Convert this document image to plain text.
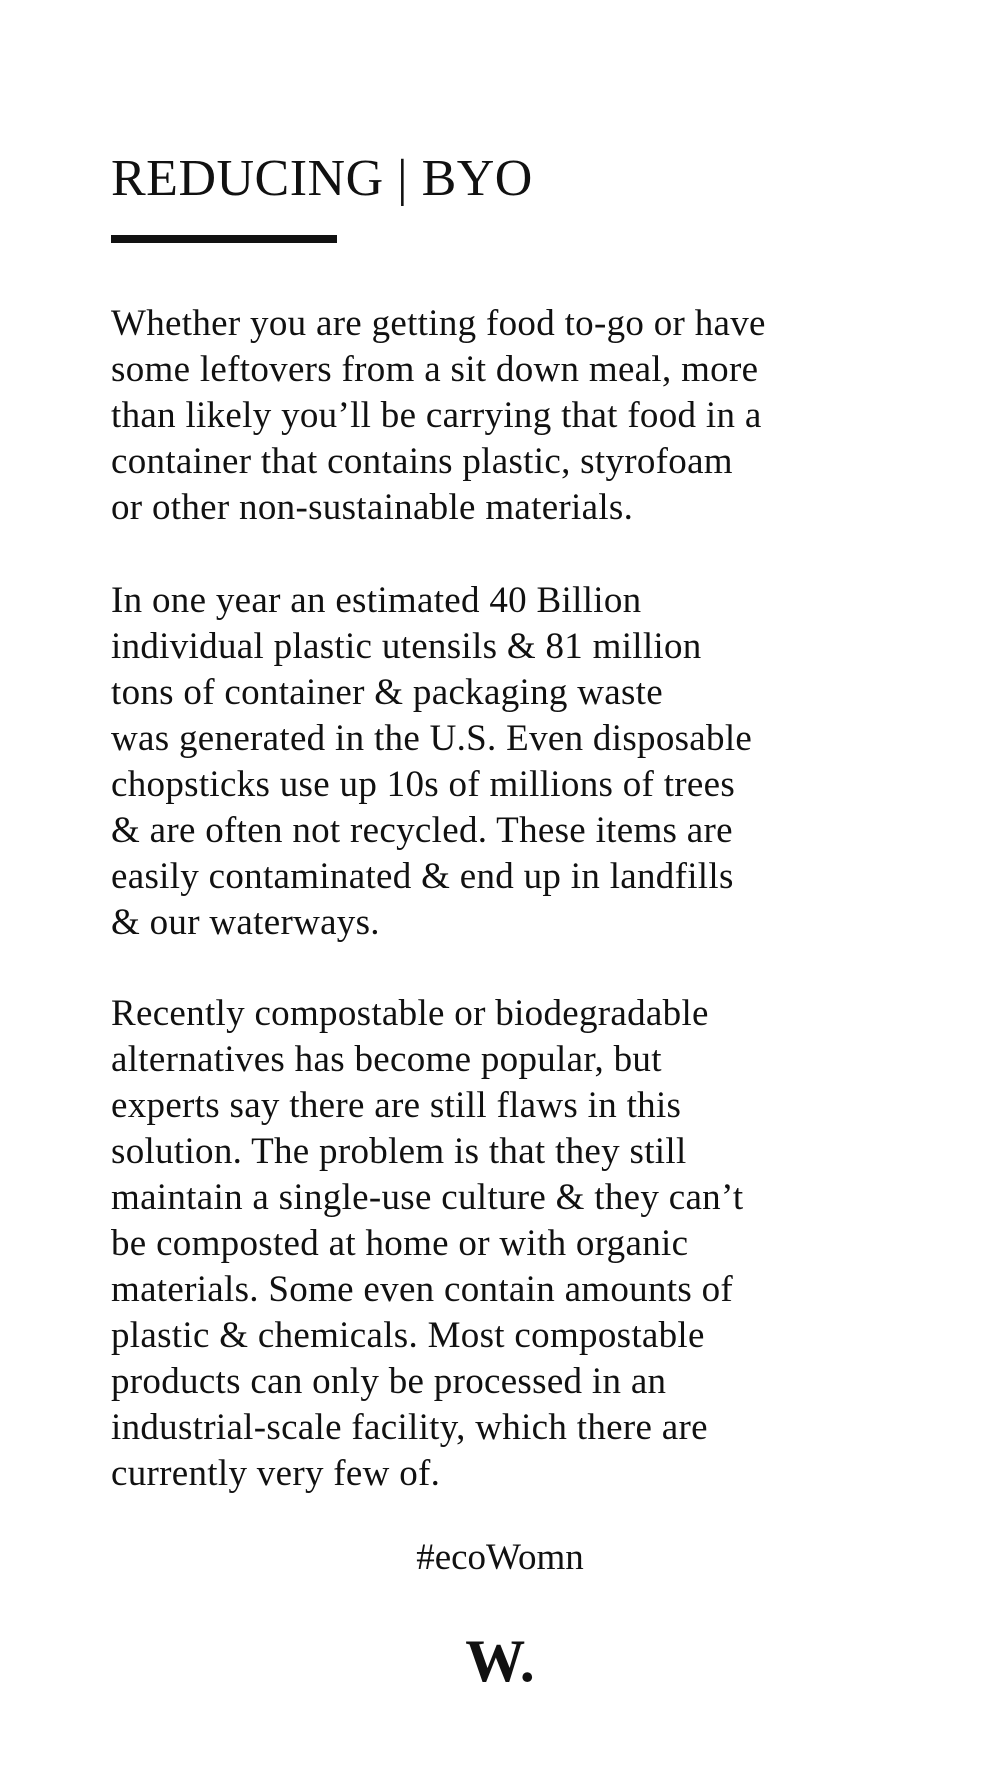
REDUCING | BYO

Whether you are getting food to-go or have
some leftovers from a sit down meal, more
than likely you’ll be carrying that food in a
container that contains plastic, styrofoam
or other non-sustainable materials.

In one year an estimated 40 Billion
individual plastic utensils & 81 million
tons of container & packaging waste
was generated in the U.S. Even disposable
chopsticks use up 10s of millions of trees
& are often not recycled. These items are
easily contaminated & end up in landfills
& our waterways.

Recently compostable or biodegradable
alternatives has become popular, but
experts say there are still flaws in this
solution. The problem is that they still
maintain a single-use culture & they can’t
be composted at home or with organic
materials. Some even contain amounts of
plastic & chemicals. Most compostable
products can only be processed in an
industrial-scale facility, which there are
currently very few of.

#ecoWomn
W.
